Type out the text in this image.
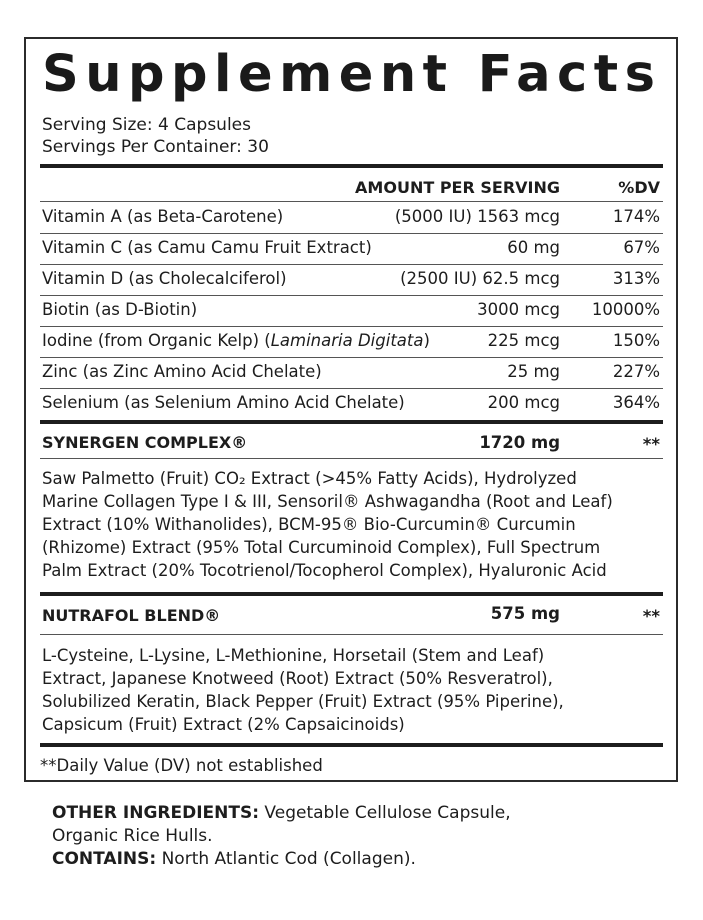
Supplement Facts
Serving Size: 4 Capsules
Servings Per Container: 30
AMOUNT PER SERVING	%DV
Vitamin A (as Beta-Carotene)	(5000 IU) 1563 mcg	174%
Vitamin C (as Camu Camu Fruit Extract)	60 mg	67%
Vitamin D (as Cholecalciferol)	(2500 IU) 62.5 mcg	313%
Biotin (as D-Biotin)	3000 mcg 10000%
Iodine (from Organic Kelp) (Laminaria Digitata)	225 mcg	150%
Zinc (as Zinc Amino Acid Chelate)	25 mg	227%
Selenium (as Selenium Amino Acid Chelate)	200 mcg	364%
SYNERGEN COMPLEX®	1720 mg	**
Saw Palmetto (Fruit) CO₂ Extract (>45% Fatty Acids), Hydrolyzed
Marine Collagen Type I & III, Sensoril® Ashwagandha (Root and Leaf)
Extract (10% Withanolides), BCM-95® Bio-Curcumin® Curcumin
(Rhizome) Extract (95% Total Curcuminoid Complex), Full Spectrum
Palm Extract (20% Tocotrienol/Tocopherol Complex), Hyaluronic Acid
NUTRAFOL BLEND®	575 mg	**
L-Cysteine, L-Lysine, L-Methionine, Horsetail (Stem and Leaf)
Extract, Japanese Knotweed (Root) Extract (50% Resveratrol),
Solubilized Keratin, Black Pepper (Fruit) Extract (95% Piperine),
Capsicum (Fruit) Extract (2% Capsaicinoids)
**Daily Value (DV) not established
OTHER INGREDIENTS: Vegetable Cellulose Capsule,
Organic Rice Hulls.
CONTAINS: North Atlantic Cod (Collagen).
